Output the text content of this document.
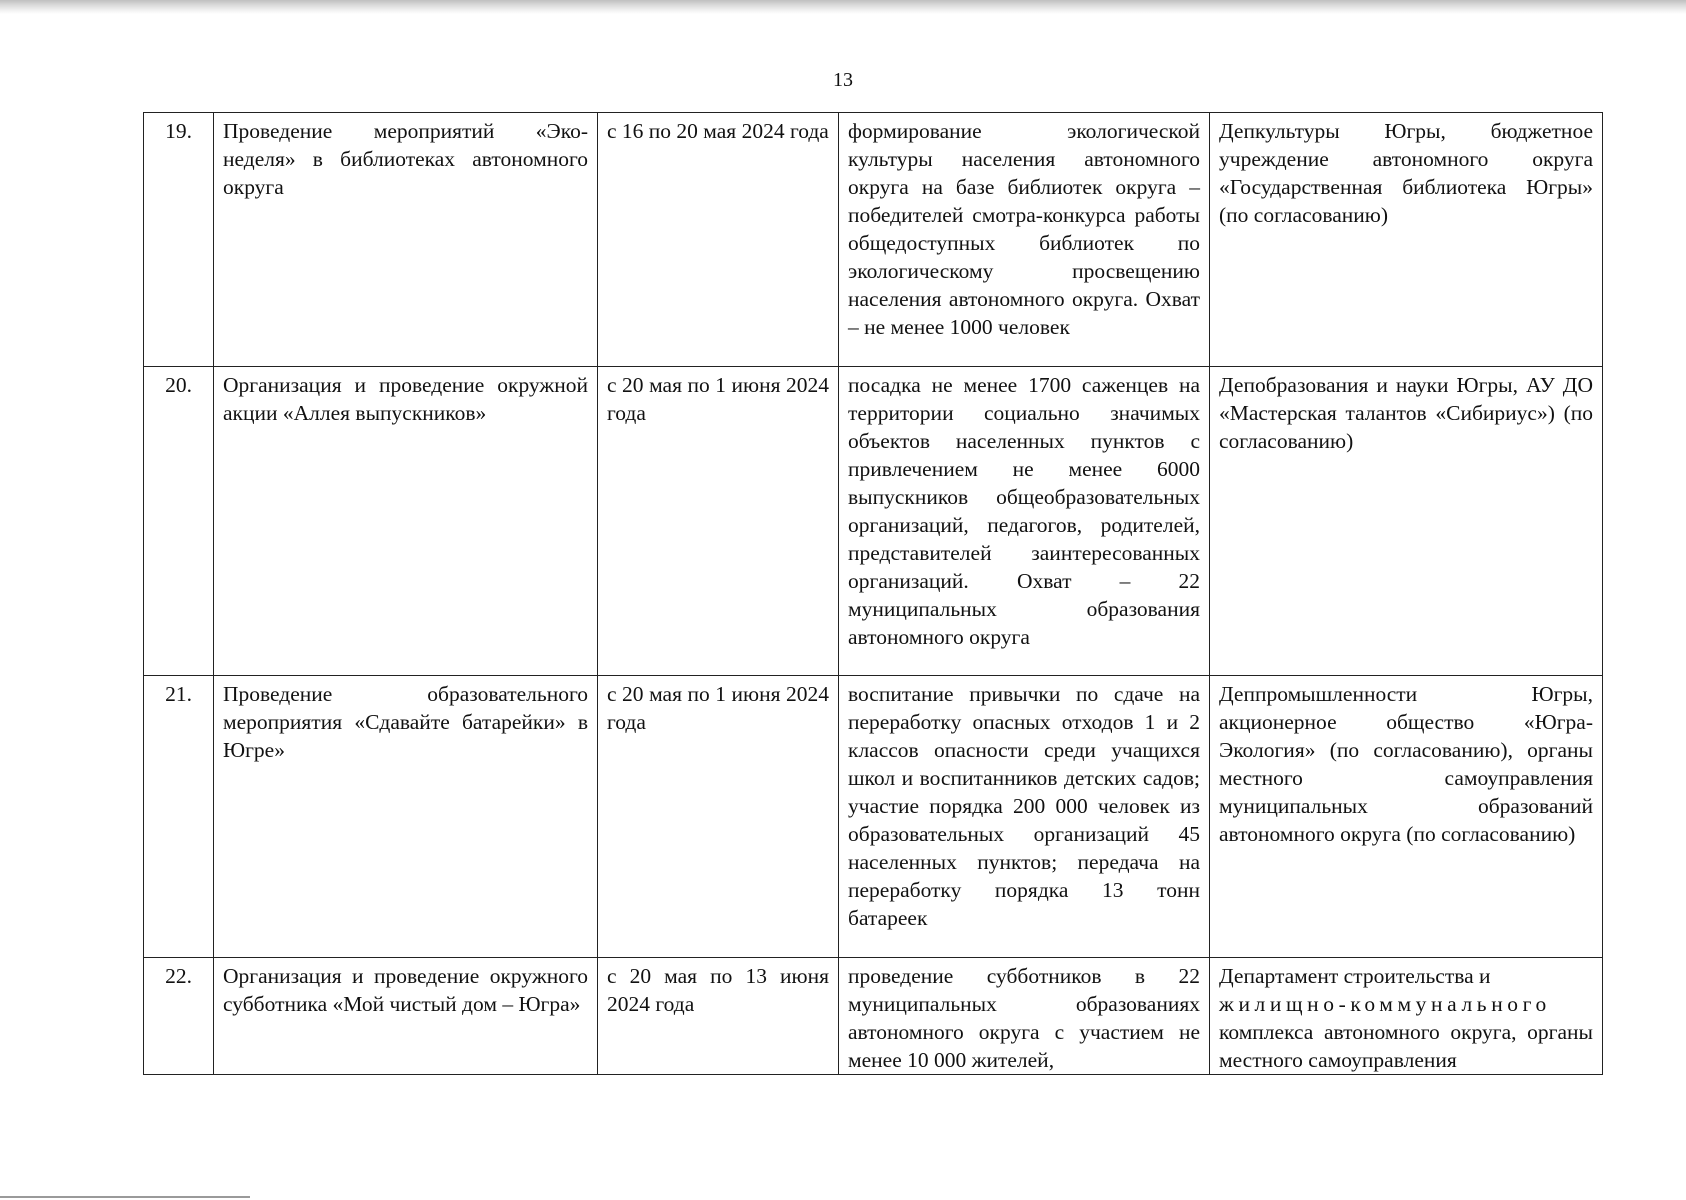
13
19.	Проведение мероприятий «Эко-неделя» в библиотеках автономного округа	с 16 по 20 мая 2024 года	формирование экологической культуры населения автономного округа на базе библиотек округа – победителей смотра-конкурса работы общедоступных библиотек по экологическому просвещению населения автономного округа. Охват – не менее 1000 человек	Депкультуры Югры, бюджетное учреждение автономного округа «Государственная библиотека Югры» (по согласованию)
20.	Организация и проведение окружной акции «Аллея выпускников»	с 20 мая по 1 июня 2024 года	посадка не менее 1700 саженцев на территории социально значимых объектов населенных пунктов с привлечением не менее 6000 выпускников общеобразовательных организаций, педагогов, родителей, представителей заинтересованных организаций. Охват – 22 муниципальных образования автономного округа	Депобразования и науки Югры, АУ ДО «Мастерская талантов «Сибириус») (по согласованию)
21.	Проведение образовательного мероприятия «Сдавайте батарейки» в Югре»	с 20 мая по 1 июня 2024 года	воспитание привычки по сдаче на переработку опасных отходов 1 и 2 классов опасности среди учащихся школ и воспитанников детских садов; участие порядка 200 000 человек из образовательных организаций 45 населенных пунктов; передача на переработку порядка 13 тонн батареек	Деппромышленности Югры, акционерное общество «Югра-Экология» (по согласованию), органы местного самоуправления муниципальных образований автономного округа (по согласованию)
22.	Организация и проведение окружного субботника «Мой чистый дом – Югра»	с 20 мая по 13 июня 2024 года	проведение субботников в 22 муниципальных образованиях автономного округа с участием не менее 10 000 жителей,	Департамент строительства и
жилищно-коммунального
комплекса автономного округа, органы местного самоуправления
